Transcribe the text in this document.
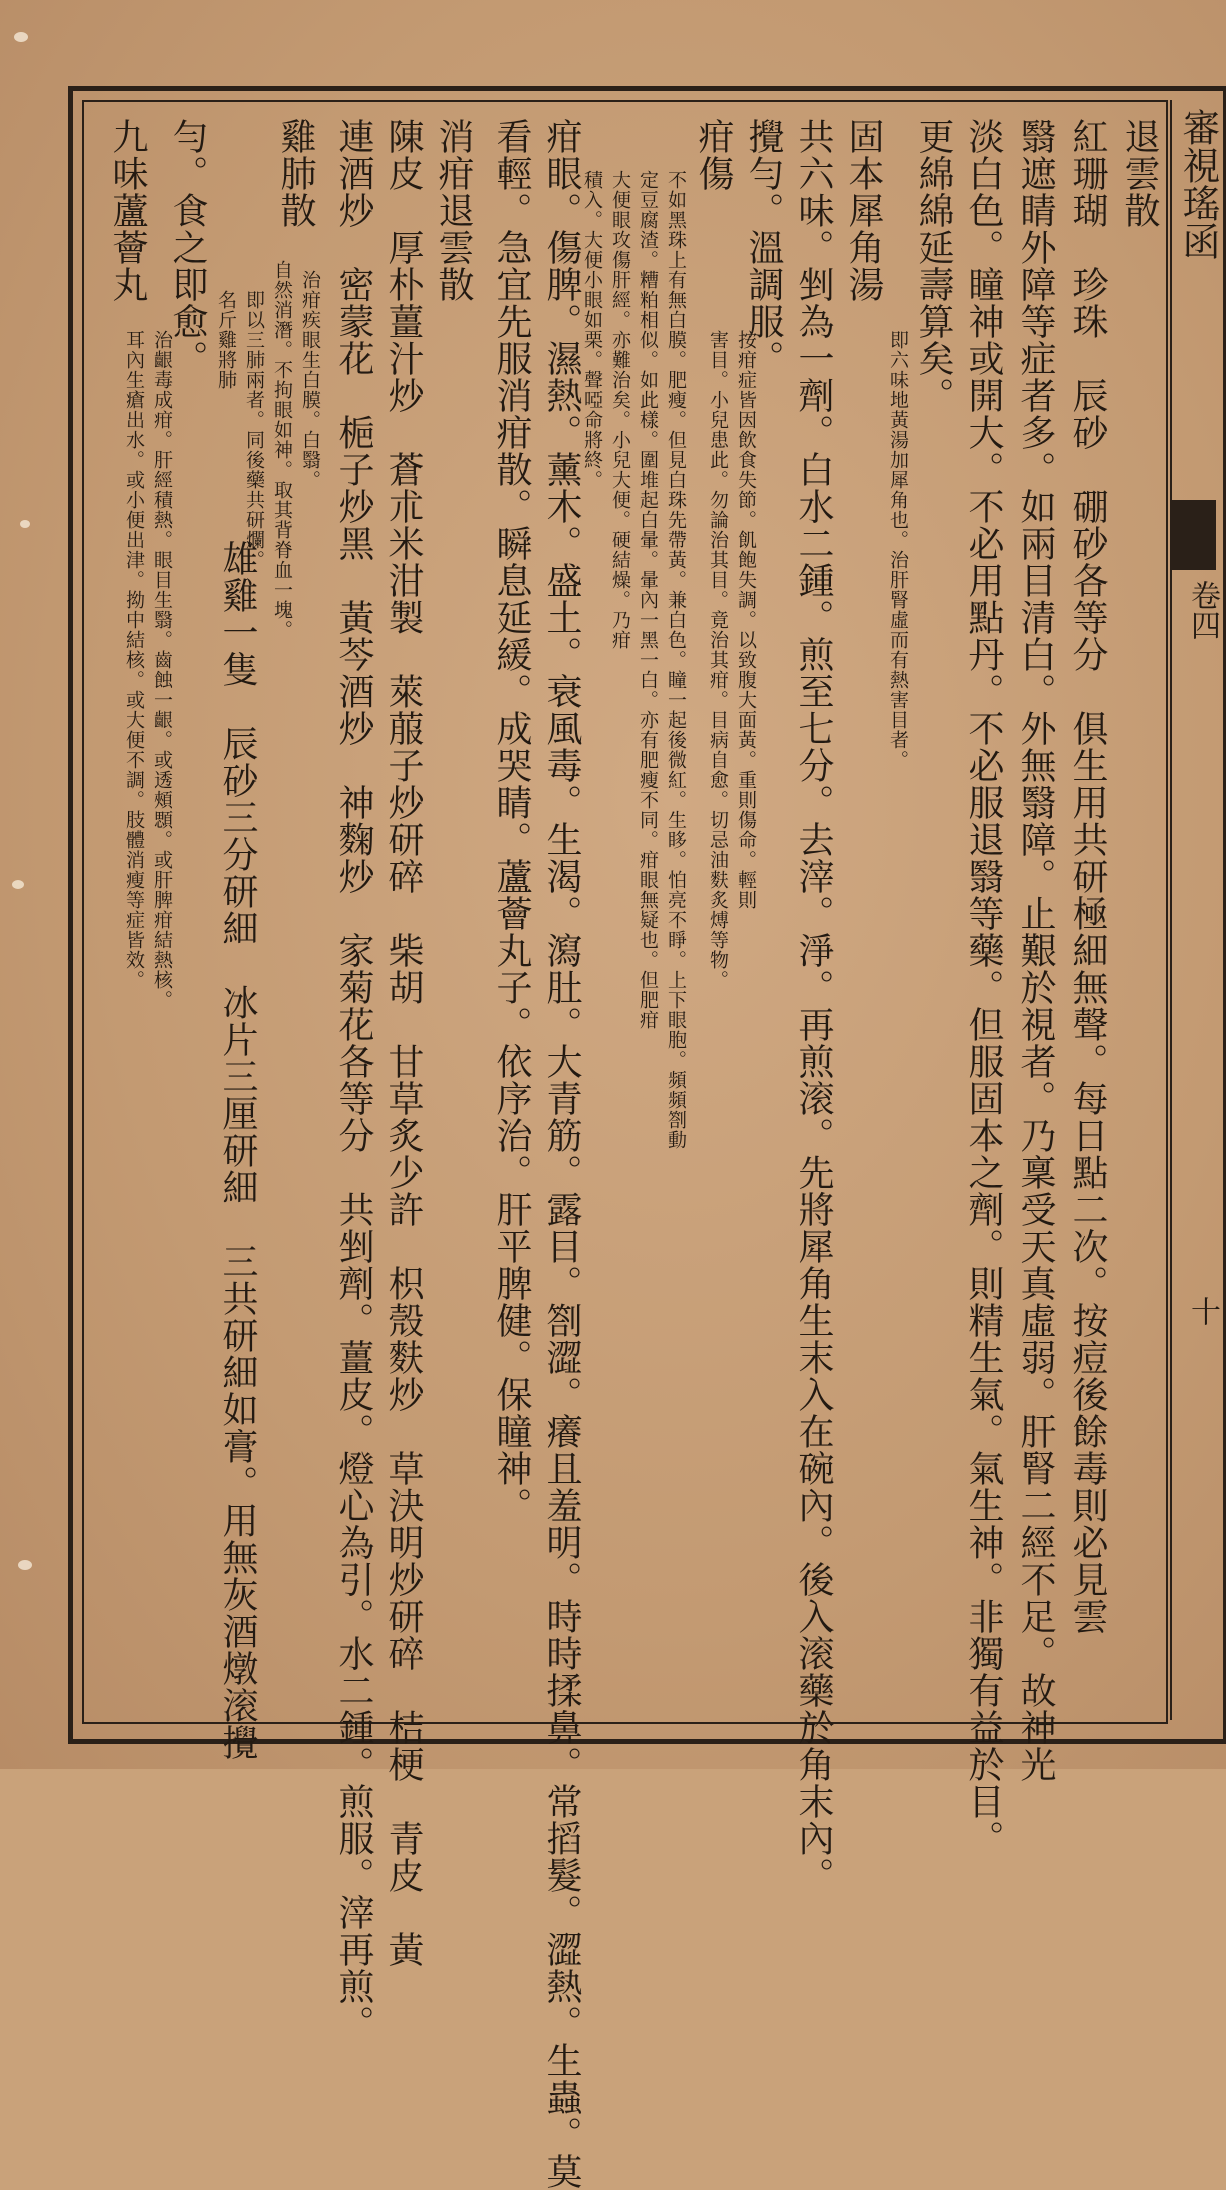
審視瑤函
卷四
十
退雲散
紅珊瑚　珍珠　辰砂　硼砂各等分　俱生用共研極細無聲。每日點二次。按痘後餘毒則必見雲
翳遮睛外障等症者多。如兩目清白。外無翳障。止艱於視者。乃稟受天真虛弱。肝腎二經不足。故神光
淡白色。瞳神或開大。不必用點丹。不必服退翳等藥。但服固本之劑。則精生氣。氣生神。非獨有益於目。
更綿綿延壽算矣。
即六味地黃湯加犀角也。治肝腎虛而有熱害目者。
固本犀角湯
共六味。剉為一劑。白水二鍾。煎至七分。去滓。淨。再煎滚。先將犀角生末入在碗內。後入滚藥於角末內。
攪勻。溫調服。
疳傷
按疳症皆因飲食失節。飢飽失調。以致腹大面黃。重則傷命。輕則
害目。小兒患此。勿論治其目。竟治其疳。目病自愈。切忌油麩炙煿等物。
不如黑珠上有無白膜。肥瘦。但見白珠先帶黃。兼白色。瞳一起後微紅。生眵。怕亮不睜。上下眼胞。頻頻劄動
定豆腐渣。糟粕相似。如此樣。圍堆起白暈。暈內一黑一白。亦有肥瘦不同。疳眼無疑也。但肥疳
大便眼攻傷肝經。亦難治矣。小兒大便。硬結燥。乃疳
積入。大便小眼如栗。聲啞命將終。
疳眼。傷脾。濕熱。薰木。盛土。衰風毒。生渴。瀉肚。大青筋。露目。劄澀。癢且羞明。時時揉鼻。常搯髮。澀熱。生蟲。莫
看輕。急宜先服消疳散。瞬息延緩。成哭睛。蘆薈丸子。依序治。肝平脾健。保瞳神。
消疳退雲散
陳皮　厚朴薑汁炒　蒼朮米泔製　萊菔子炒研碎　柴胡　甘草炙少許　枳殼麩炒　草決明炒研碎　桔梗　青皮　黃
連酒炒　密蒙花　梔子炒黑　黃芩酒炒　神麴炒　家菊花各等分　共剉劑。薑皮。燈心為引。水二鍾。煎服。滓再煎。
雞肺散
治疳疾眼生白膜。白翳。
自然消潛。不拘眼如神。取其背脊血一塊。
即以三肺兩者。同後藥共研爛。
名斤雞將肺
雄雞一隻　辰砂三分研細　冰片三厘研細　三共研細如膏。用無灰酒燉滚攪
勻。食之即愈。
九味蘆薈丸
治齦毒成疳。肝經積熱。眼目生翳。齒蝕一齦。或透頰顋。或肝脾疳結熱核。
耳內生瘡出水。或小便出津。拗中結核。或大便不調。肢體消瘦等症皆效。
